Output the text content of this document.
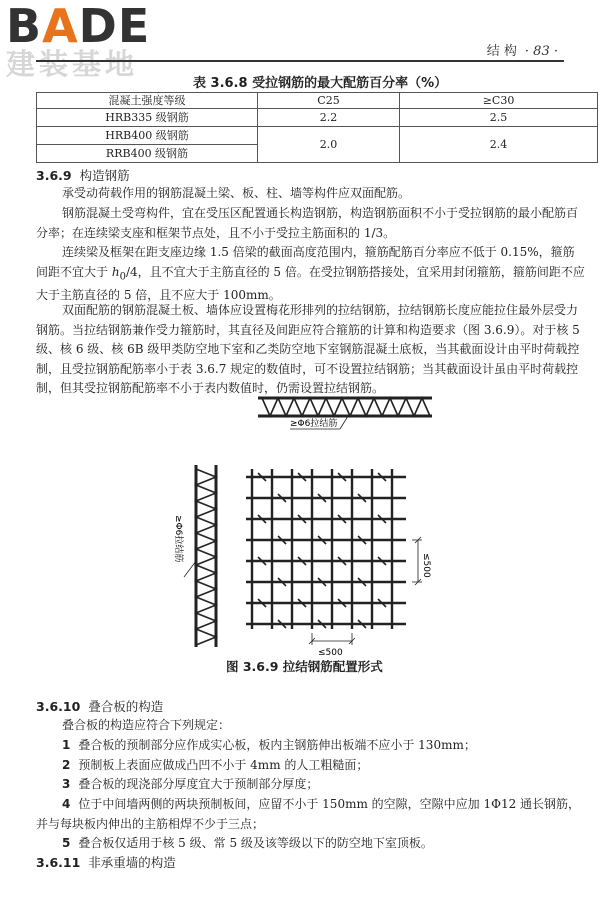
BADE
建装基地	结 构 · 83 ·
表 3.6.8 受拉钢筋的最大配筋百分率（%）
混凝土强度等级	C25	≥C30
HRB335 级钢筋	2.2	2.5
HRB400 级钢筋	2.0	2.4
RRB400 级钢筋		
3.6.9 构造钢筋
承受动荷载作用的钢筋混凝土梁、板、柱、墙等构件应双面配筋。
钢筋混凝土受弯构件，宜在受压区配置通长构造钢筋，构造钢筋面积不小于受拉钢筋的最小配筋百分率；在连续梁支座和框架节点处，且不小于受拉主筋面积的 1/3。
连续梁及框架在距支座边缘 1.5 倍梁的截面高度范围内，箍筋配筋百分率应不低于 0.15%，箍筋间距不宜大于 $h_0/4$，且不宜大于主筋直径的 5 倍。在受拉钢筋搭接处，宜采用封闭箍筋，箍筋间距不应大于主筋直径的 5 倍，且不应大于 100mm。
双面配筋的钢筋混凝土板、墙体应设置梅花形排列的拉结钢筋，拉结钢筋长度应能拉住最外层受力钢筋。当拉结钢筋兼作受力箍筋时，其直径及间距应符合箍筋的计算和构造要求（图 3.6.9）。对于核 5 级、核 6 级、核 6B 级甲类防空地下室和乙类防空地下室钢筋混凝土底板，当其截面设计由平时荷载控制，且受拉钢筋配筋率小于表 3.6.7 规定的数值时，可不设置拉结钢筋；当其截面设计虽由平时荷载控制，但其受拉钢筋配筋率不小于表内数值时，仍需设置拉结钢筋。
≥Φ6拉结筋
≥Φ6拉结筋
≤500
≤500
图 3.6.9 拉结钢筋配置形式
3.6.10 叠合板的构造
叠合板的构造应符合下列规定：
1 叠合板的预制部分应作成实心板，板内主钢筋伸出板端不应小于 130mm；
2 预制板上表面应做成凸凹不小于 4mm 的人工粗糙面；
3 叠合板的现浇部分厚度宜大于预制部分厚度；
4 位于中间墙两侧的两块预制板间，应留不小于 150mm 的空隙，空隙中应加 1Φ12 通长钢筋，并与每块板内伸出的主筋相焊不少于三点；
5 叠合板仅适用于核 5 级、常 5 级及该等级以下的防空地下室顶板。
3.6.11 非承重墙的构造
